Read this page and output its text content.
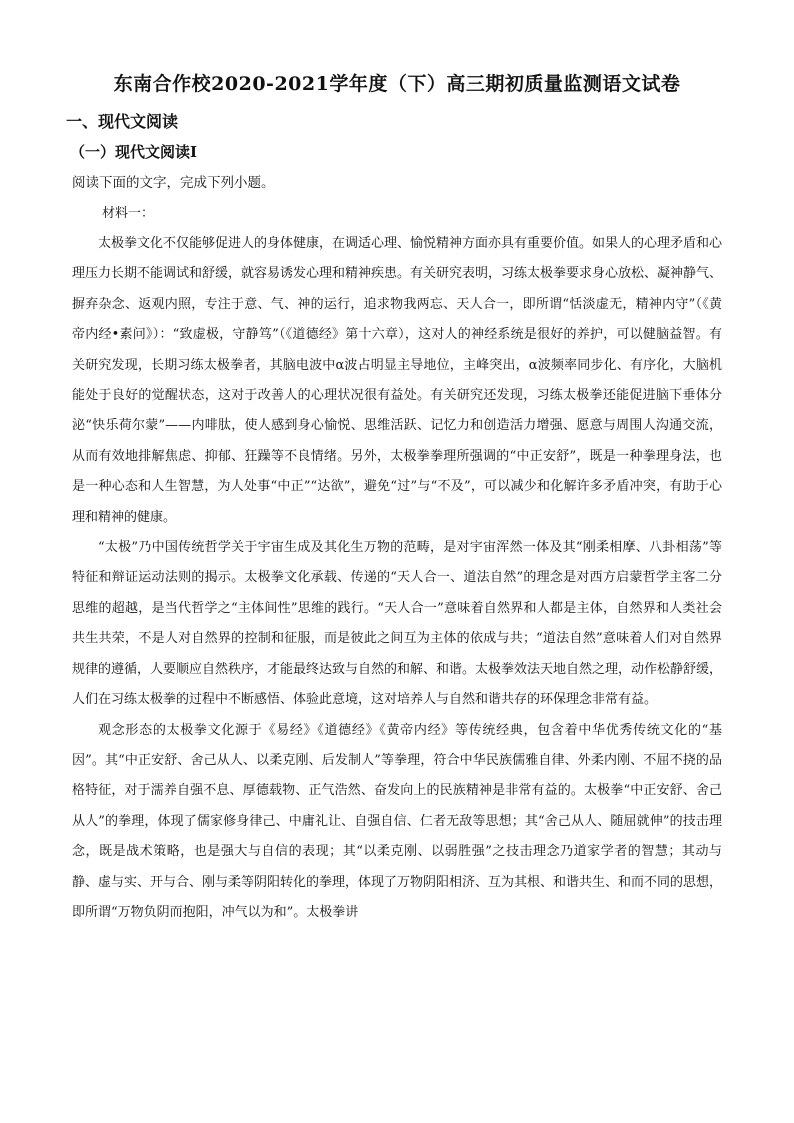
东南合作校2020-2021学年度（下）高三期初质量监测语文试卷
一、现代文阅读
（一）现代文阅读Ⅰ
阅读下面的文字，完成下列小题。
材料一：

太极拳文化不仅能够促进人的身体健康，在调适心理、愉悦精神方面亦具有重要价值。如果人的心理矛盾和心理压力长期不能调试和舒缓，就容易诱发心理和精神疾患。有关研究表明，习练太极拳要求身心放松、凝神静气、摒弃杂念、返观内照，专注于意、气、神的运行，追求物我两忘、天人合一，即所谓“恬淡虚无，精神内守”（《黄帝内经•素问》）：“致虚极，守静笃”（《道德经》第十六章），这对人的神经系统是很好的养护，可以健脑益智。有关研究发现，长期习练太极拳者，其脑电波中α波占明显主导地位，主峰突出，α波频率同步化、有序化，大脑机能处于良好的觉醒状态，这对于改善人的心理状况很有益处。有关研究还发现，习练太极拳还能促进脑下垂体分泌“快乐荷尔蒙”——内啡肽，使人感到身心愉悦、思维活跃、记忆力和创造活力增强、愿意与周围人沟通交流，从而有效地排解焦虑、抑郁、狂躁等不良情绪。另外，太极拳拳理所强调的“中正安舒”，既是一种拳理身法，也是一种心态和人生智慧，为人处事“中正”“达欲”，避免“过”与“不及”，可以减少和化解许多矛盾冲突，有助于心理和精神的健康。

“太极”乃中国传统哲学关于宇宙生成及其化生万物的范畴，是对宇宙浑然一体及其“刚柔相摩、八卦相荡”等特征和辩证运动法则的揭示。太极拳文化承载、传递的“天人合一、道法自然”的理念是对西方启蒙哲学主客二分思维的超越，是当代哲学之“主体间性”思维的践行。“天人合一”意味着自然界和人都是主体，自然界和人类社会共生共荣，不是人对自然界的控制和征服，而是彼此之间互为主体的依成与共；“道法自然”意味着人们对自然界规律的遵循，人要顺应自然秩序，才能最终达致与自然的和解、和谐。太极拳效法天地自然之理，动作松静舒缓，人们在习练太极拳的过程中不断感悟、体验此意境，这对培养人与自然和谐共存的环保理念非常有益。

观念形态的太极拳文化源于《易经》《道德经》《黄帝内经》等传统经典，包含着中华优秀传统文化的“基因”。其“中正安舒、舍己从人、以柔克刚、后发制人”等拳理，符合中华民族儒雅自律、外柔内刚、不屈不挠的品格特征，对于濡养自强不息、厚德载物、正气浩然、奋发向上的民族精神是非常有益的。太极拳“中正安舒、舍己从人”的拳理，体现了儒家修身律己、中庸礼让、自强自信、仁者无敌等思想；其“舍己从人、随屈就伸”的技击理念，既是战术策略，也是强大与自信的表现；其“以柔克刚、以弱胜强”之技击理念乃道家学者的智慧；其动与静、虚与实、开与合、刚与柔等阴阳转化的拳理，体现了万物阴阳相济、互为其根、和谐共生、和而不同的思想，即所谓“万物负阴而抱阳，冲气以为和”。太极拳讲
